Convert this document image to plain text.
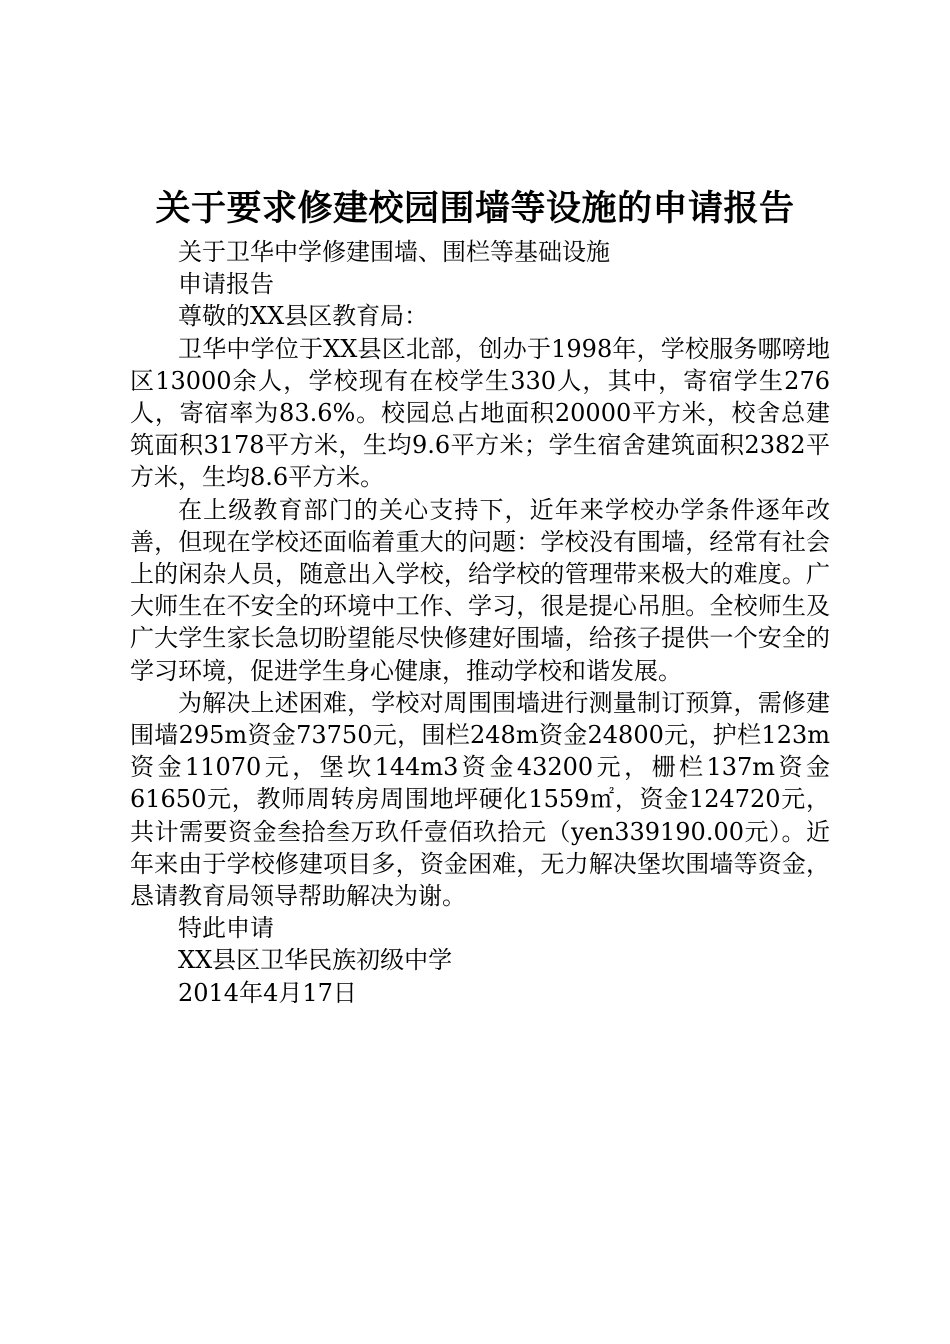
关于要求修建校园围墙等设施的申请报告

关于卫华中学修建围墙、围栏等基础设施

申请报告

尊敬的XX县区教育局：

卫华中学位于XX县区北部，创办于1998年，学校服务哪嗙地区13000余人，学校现有在校学生330人，其中，寄宿学生276人，寄宿率为83.6%。校园总占地面积20000平方米，校舍总建筑面积3178平方米，生均9.6平方米；学生宿舍建筑面积2382平方米，生均8.6平方米。

在上级教育部门的关心支持下，近年来学校办学条件逐年改善，但现在学校还面临着重大的问题：学校没有围墙，经常有社会上的闲杂人员，随意出入学校，给学校的管理带来极大的难度。广大师生在不安全的环境中工作、学习，很是提心吊胆。全校师生及广大学生家长急切盼望能尽快修建好围墙，给孩子提供一个安全的学习环境，促进学生身心健康，推动学校和谐发展。

为解决上述困难，学校对周围围墙进行测量制订预算，需修建围墙295m资金73750元，围栏248m资金24800元，护栏123m资金11070元，堡坎144m3资金43200元，栅栏137m资金61650元，教师周转房周围地坪硬化1559㎡，资金124720元，共计需要资金叁拾叁万玖仟壹佰玖拾元（yen339190.00元）。近年来由于学校修建项目多，资金困难，无力解决堡坎围墙等资金，恳请教育局领导帮助解决为谢。

特此申请

XX县区卫华民族初级中学

2014年4月17日
